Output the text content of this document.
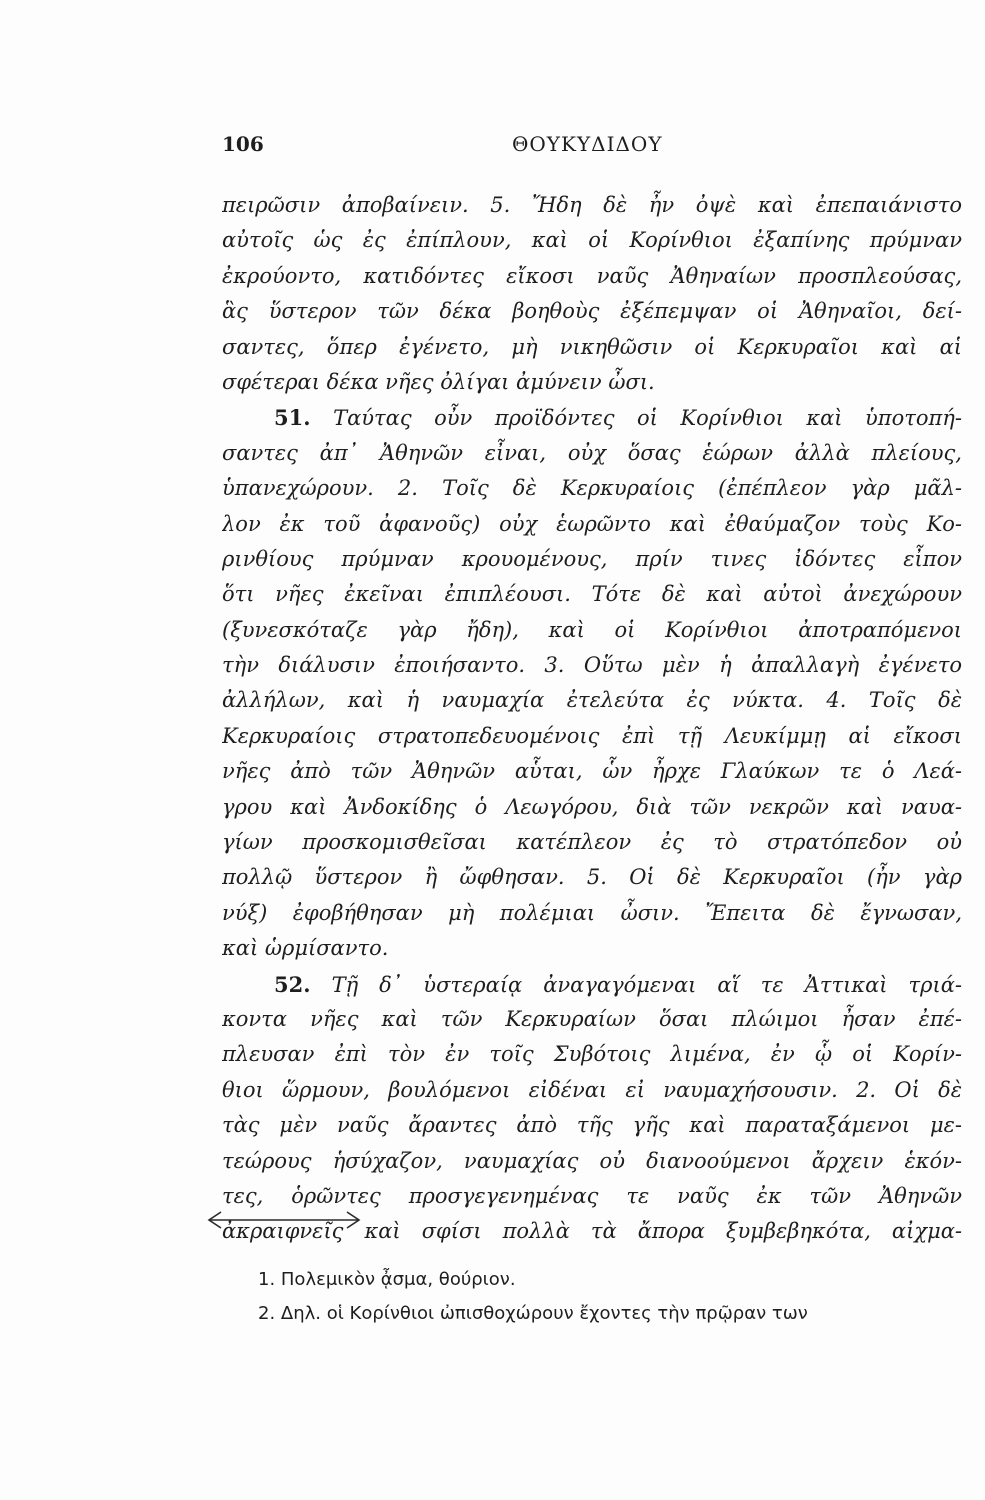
106	ΘΟΥΚΥΔΙΔΟΥ
πειρῶσιν ἀποβαίνειν. 5. Ἤδη δὲ ἦν ὀψὲ καὶ ἐπεπαιάνιστο
αὐτοῖς ὡς ἐς ἐπίπλουν, καὶ οἱ Κορίνθιοι ἐξαπίνης πρύμναν
ἐκρούοντο, κατιδόντες εἴκοσι ναῦς Ἀθηναίων προσπλεούσας,
ἃς ὕστερον τῶν δέκα βοηθοὺς ἐξέπεμψαν οἱ Ἀθηναῖοι, δεί-
σαντες, ὅπερ ἐγένετο, μὴ νικηθῶσιν οἱ Κερκυραῖοι καὶ αἱ
σφέτεραι δέκα νῆες ὀλίγαι ἀμύνειν ὦσι.
51. Ταύτας οὖν προϊδόντες οἱ Κορίνθιοι καὶ ὑποτοπή-
σαντες ἀπ᾽ Ἀθηνῶν εἶναι, οὐχ ὅσας ἑώρων ἀλλὰ πλείους,
ὑπανεχώρουν. 2. Τοῖς δὲ Κερκυραίοις (ἐπέπλεον γὰρ μᾶλ-
λον ἐκ τοῦ ἀφανοῦς) οὐχ ἑωρῶντο καὶ ἐθαύμαζον τοὺς Κο-
ρινθίους πρύμναν κρουομένους, πρίν τινες ἰδόντες εἶπον
ὅτι νῆες ἐκεῖναι ἐπιπλέουσι. Τότε δὲ καὶ αὐτοὶ ἀνεχώρουν
(ξυνεσκόταζε γὰρ ἤδη), καὶ οἱ Κορίνθιοι ἀποτραπόμενοι
τὴν διάλυσιν ἐποιήσαντο. 3. Οὕτω μὲν ἡ ἀπαλλαγὴ ἐγένετο
ἀλλήλων, καὶ ἡ ναυμαχία ἐτελεύτα ἐς νύκτα. 4. Τοῖς δὲ
Κερκυραίοις στρατοπεδευομένοις ἐπὶ τῇ Λευκίμμῃ αἱ εἴκοσι
νῆες ἀπὸ τῶν Ἀθηνῶν αὗται, ὧν ἦρχε Γλαύκων τε ὁ Λεά-
γρου καὶ Ἀνδοκίδης ὁ Λεωγόρου, διὰ τῶν νεκρῶν καὶ ναυα-
γίων προσκομισθεῖσαι κατέπλεον ἐς τὸ στρατόπεδον οὐ
πολλῷ ὕστερον ἢ ὤφθησαν. 5. Οἱ δὲ Κερκυραῖοι (ἦν γὰρ
νύξ) ἐφοβήθησαν μὴ πολέμιαι ὦσιν. Ἔπειτα δὲ ἔγνωσαν,
καὶ ὡρμίσαντο.
52. Τῇ δ᾽ ὑστεραίᾳ ἀναγαγόμεναι αἵ τε Ἀττικαὶ τριά-
κοντα νῆες καὶ τῶν Κερκυραίων ὅσαι πλώιμοι ἦσαν ἐπέ-
πλευσαν ἐπὶ τὸν ἐν τοῖς Συβότοις λιμένα, ἐν ᾧ οἱ Κορίν-
θιοι ὥρμουν, βουλόμενοι εἰδέναι εἰ ναυμαχήσουσιν. 2. Οἱ δὲ
τὰς μὲν ναῦς ἄραντες ἀπὸ τῆς γῆς καὶ παραταξάμενοι με-
τεώρους ἡσύχαζον, ναυμαχίας οὐ διανοούμενοι ἄρχειν ἑκόν-
τες, ὁρῶντες προσγεγενημένας τε ναῦς ἐκ τῶν Ἀθηνῶν
ἀκραιφνεῖς καὶ σφίσι πολλὰ τὰ ἄπορα ξυμβεβηκότα, αἰχμα-
1. Πολεμικὸν ᾆσμα, θούριον.
2. Δηλ. οἱ Κορίνθιοι ὠπισθοχώρουν ἔχοντες τὴν πρῷραν των
